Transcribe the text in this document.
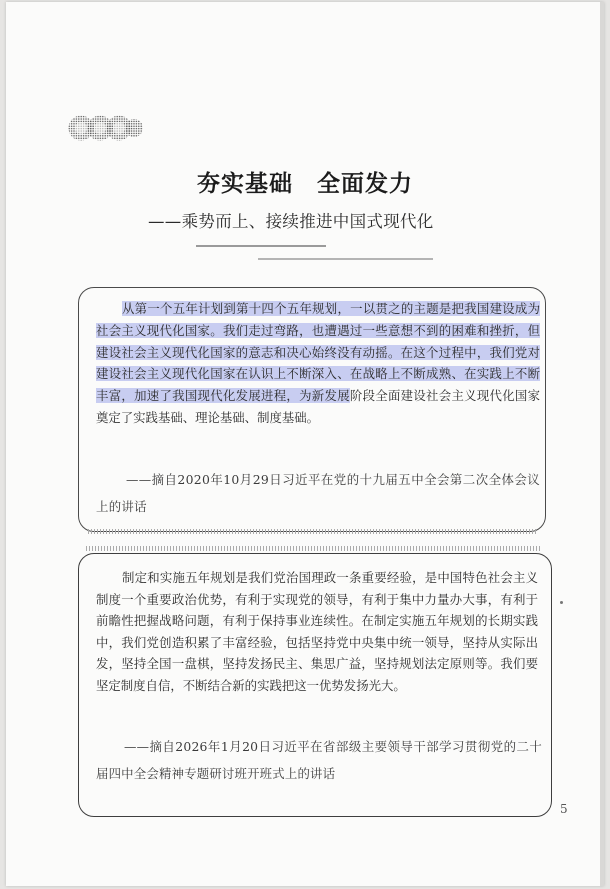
夯实基础　全面发力
——乘势而上、接续推进中国式现代化

从第一个五年计划到第十四个五年规划，一以贯之的主题是把我国建设成为社会主义现代化国家。我们走过弯路，也遭遇过一些意想不到的困难和挫折，但建设社会主义现代化国家的意志和决心始终没有动摇。在这个过程中，我们党对建设社会主义现代化国家在认识上不断深入、在战略上不断成熟、在实践上不断丰富，加速了我国现代化发展进程，为新发展阶段全面建设社会主义现代化国家奠定了实践基础、理论基础、制度基础。

——摘自2020年10月29日习近平在党的十九届五中全会第二次全体会议上的讲话

制定和实施五年规划是我们党治国理政一条重要经验，是中国特色社会主义制度一个重要政治优势，有利于实现党的领导，有利于集中力量办大事，有利于前瞻性把握战略问题，有利于保持事业连续性。在制定实施五年规划的长期实践中，我们党创造积累了丰富经验，包括坚持党中央集中统一领导，坚持从实际出发，坚持全国一盘棋，坚持发扬民主、集思广益，坚持规划法定原则等。我们要坚定制度自信，不断结合新的实践把这一优势发扬光大。

——摘自2026年1月20日习近平在省部级主要领导干部学习贯彻党的二十届四中全会精神专题研讨班开班式上的讲话

5
